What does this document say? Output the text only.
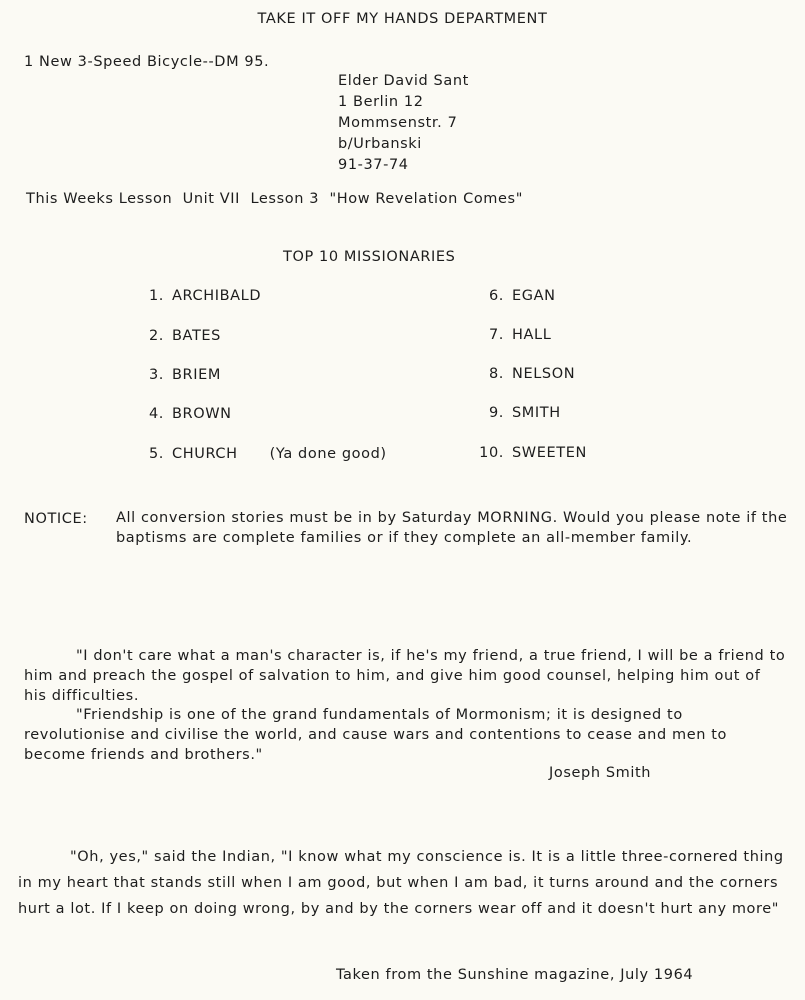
TAKE IT OFF MY HANDS DEPARTMENT
1 New 3-Speed Bicycle--DM 95.
Elder David Sant
1 Berlin 12
Mommsenstr. 7
b/Urbanski
91-37-74
This Weeks Lesson  Unit VII  Lesson 3  "How Revelation Comes"
TOP 10 MISSIONARIES
1. ARCHIBALD
2. BATES
3. BRIEM
4. BROWN
5. CHURCH (Ya done good)
6. EGAN
7. HALL
8. NELSON
9. SMITH
10. SWEETEN
NOTICE: All conversion stories must be in by Saturday MORNING. Would you please note if the baptisms are complete families or if they complete an all-member family.
"I don't care what a man's character is, if he's my friend, a true friend, I will be a friend to him and preach the gospel of salvation to him, and give him good counsel, helping him out of his difficulties.
"Friendship is one of the grand fundamentals of Mormonism; it is designed to revolutionise and civilise the world, and cause wars and contentions to cease and men to become friends and brothers."
Joseph Smith
"Oh, yes," said the Indian, "I know what my conscience is. It is a little three-cornered thing in my heart that stands still when I am good, but when I am bad, it turns around and the corners hurt a lot. If I keep on doing wrong, by and by the corners wear off and it doesn't hurt any more"
Taken from the Sunshine magazine, July 1964
